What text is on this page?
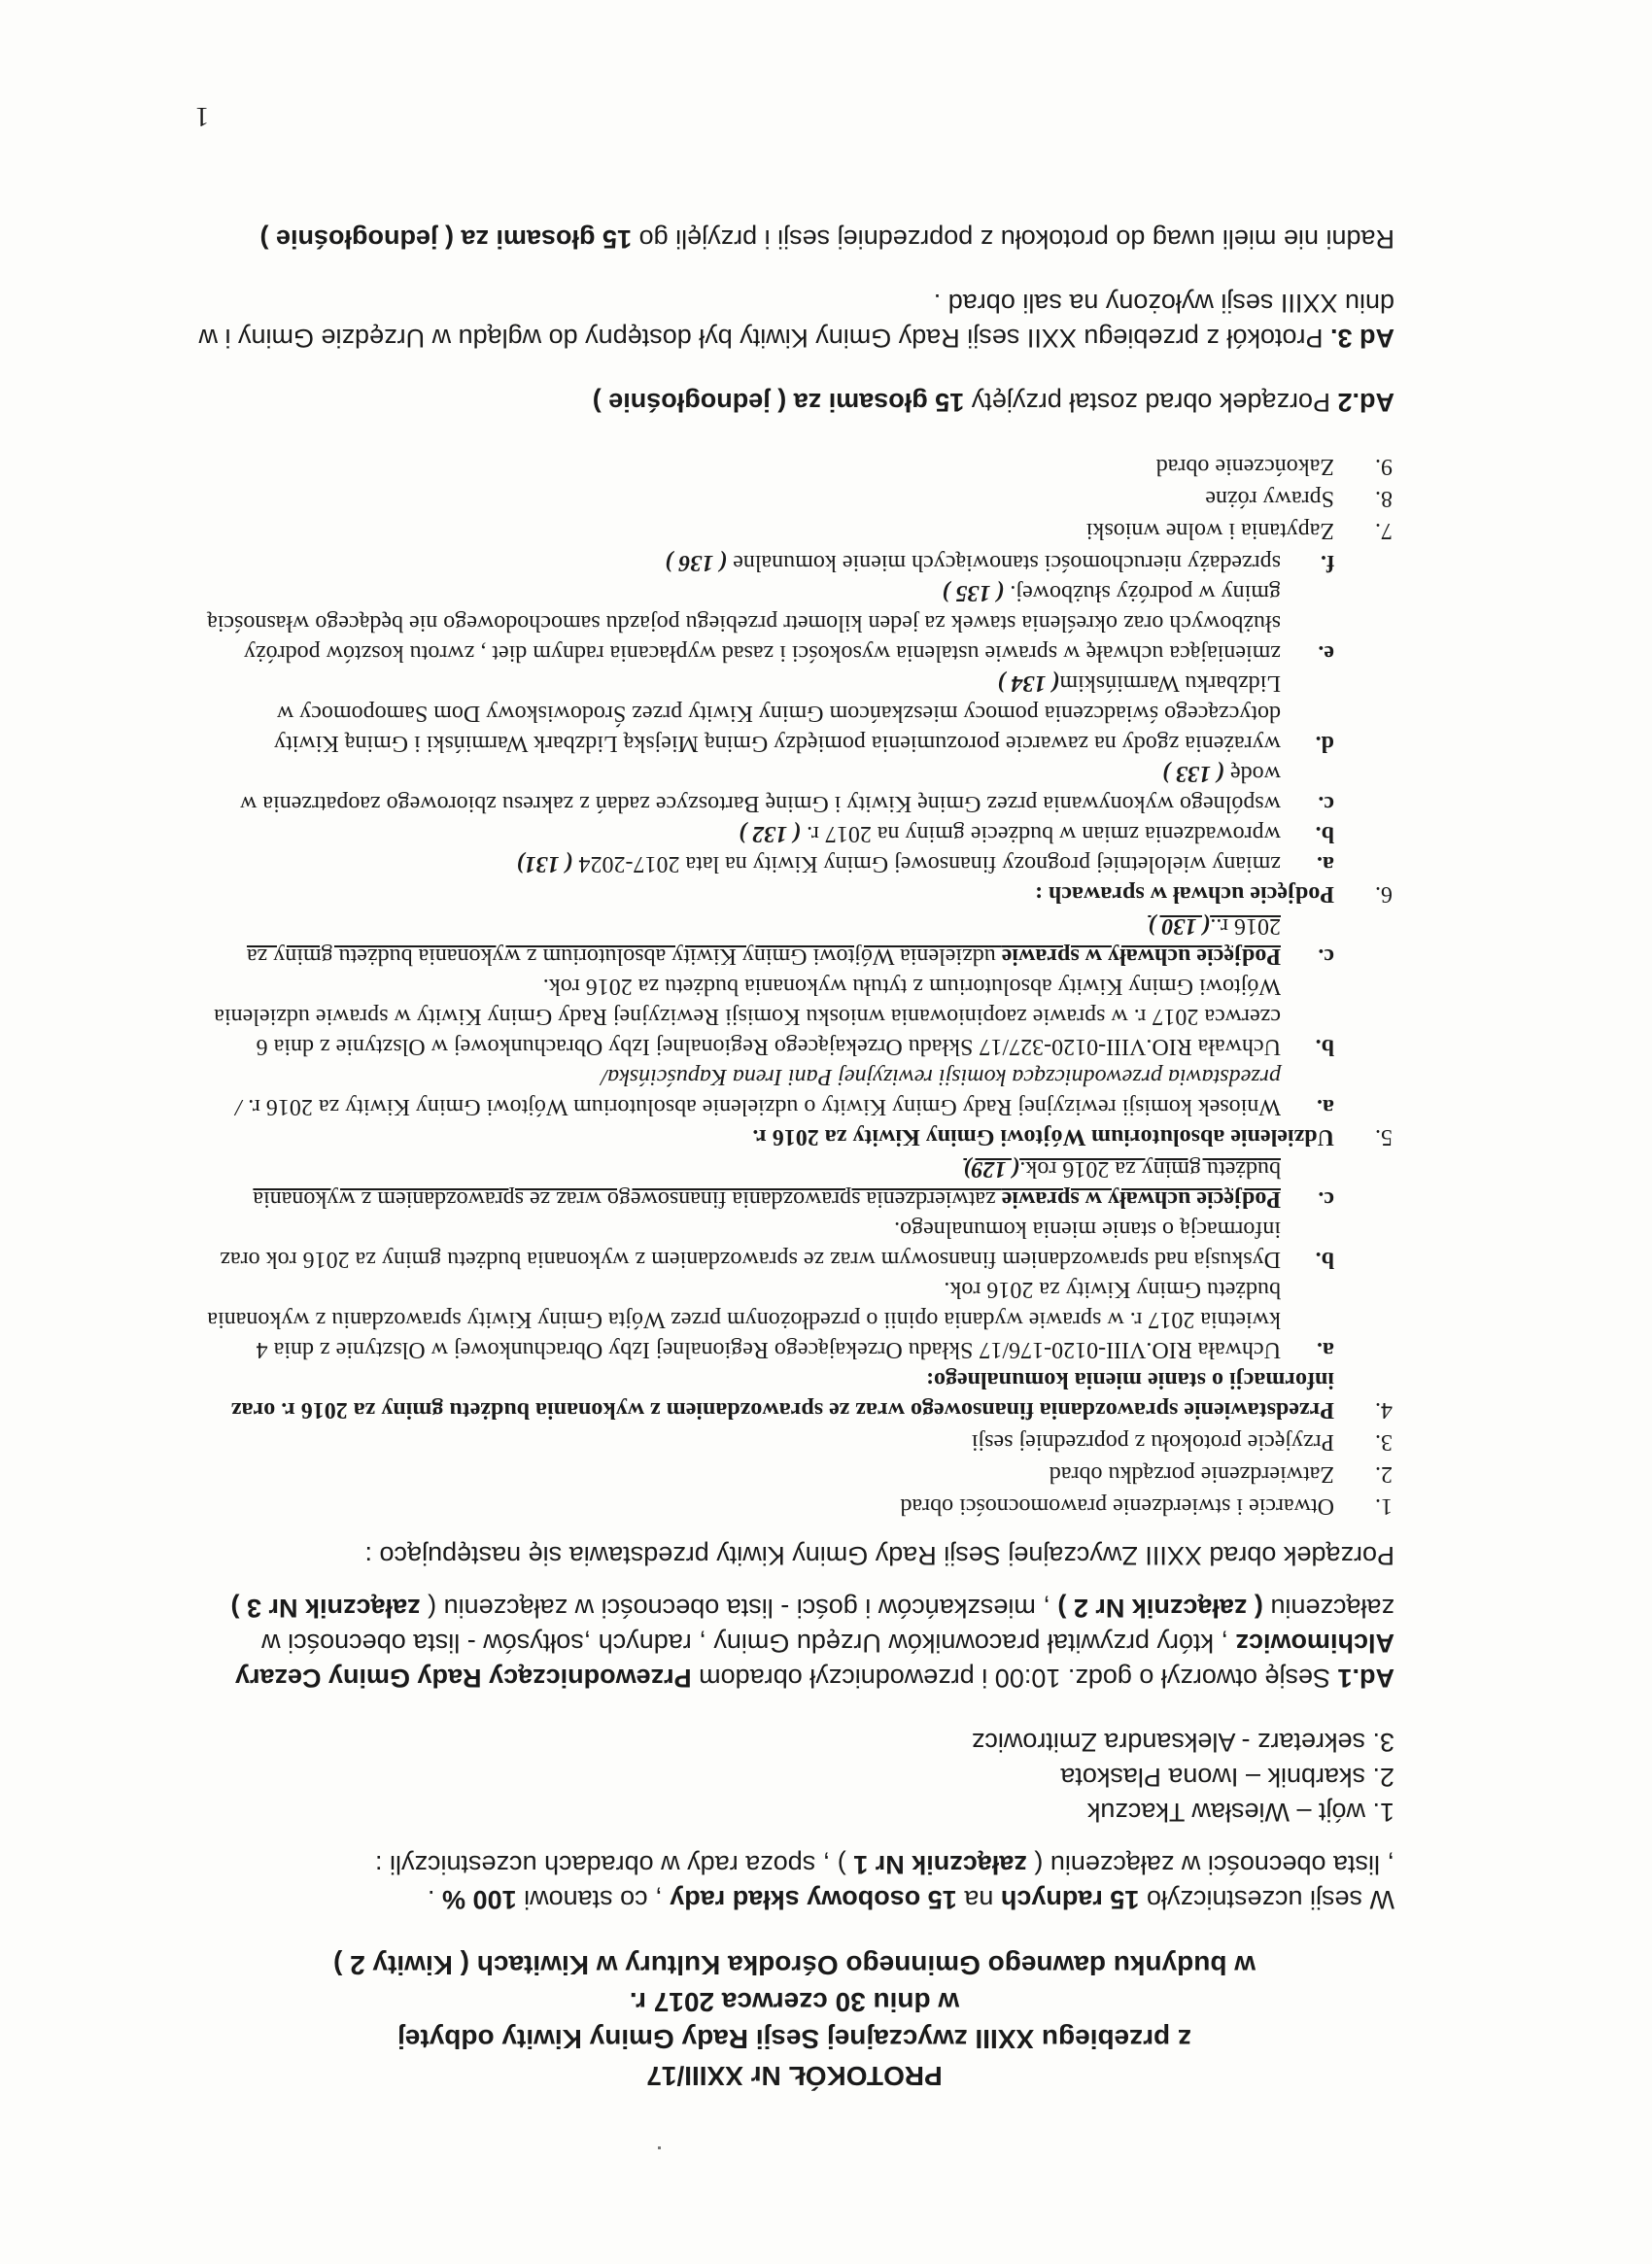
PROTOKÓŁ Nr XXIII/17
z przebiegu XXIII zwyczajnej Sesji Rady Gminy Kiwity odbytej
w dniu 30 czerwca 2017 r.
w budynku dawnego Gminnego Ośrodka Kultury w Kiwitach ( Kiwity 2 )

W sesji uczestniczyło 15 radnych na 15 osobowy skład rady , co stanowi 100 % .
, lista obecności w załączeniu ( załącznik Nr 1 ) , spoza rady w obradach uczestniczyli :

1. wójt – Wiesław Tkaczuk
2. skarbnik – Iwona Plaskota
3. sekretarz - Aleksandra Zmitrowicz

Ad.1 Sesję otworzył o godz. 10:00 i przewodniczył obradom Przewodniczący Rady Gminy Cezary Alchimowicz , który przywitał pracowników Urzędu Gminy , radnych ,sołtysów - lista obecności w załączeniu ( załącznik Nr 2 ) , mieszkańców i gości - lista obecności w załączeniu ( załącznik Nr 3 )

Porządek obrad XXIII Zwyczajnej Sesji Rady Gminy Kiwity przedstawia się następująco :

1.
Otwarcie i stwierdzenie prawomocności obrad
2.
Zatwierdzenie porządku obrad
3.
Przyjęcie protokołu z poprzedniej sesji
4.
Przedstawienie sprawozdania finansowego wraz ze sprawozdaniem z wykonania budżetu gminy za 2016 r. oraz informacji o stanie mienia komunalnego:
a.
Uchwała RIO.VIII-0120-176/17 Składu Orzekającego Regionalnej Izby Obrachunkowej w Olsztynie z dnia 4 kwietnia 2017 r. w sprawie wydania opinii o przedłożonym przez Wójta Gminy Kiwity sprawozdaniu z wykonania budżetu Gminy Kiwity za 2016 rok.
b.
Dyskusja nad sprawozdaniem finansowym wraz ze sprawozdaniem z wykonania budżetu gminy za 2016 rok oraz informacją o stanie mienia komunalnego.
c.
Podjęcie uchwały w sprawie zatwierdzenia sprawozdania finansowego wraz ze sprawozdaniem z wykonania budżetu gminy za 2016 rok.( 129)
5.
Udzielenie absolutorium Wójtowi Gminy Kiwity za 2016 r.
a.
Wniosek komisji rewizyjnej Rady Gminy Kiwity o udzielenie absolutorium Wójtowi Gminy Kiwity za 2016 r. / przedstawia przewodnicząca komisji rewizyjnej Pani Irena Kapuścińska/
b.
Uchwała RIO.VIII-0120-327/17 Składu Orzekającego Regionalnej Izby Obrachunkowej w Olsztynie z dnia 6 czerwca 2017 r. w sprawie zaopiniowania wniosku Komisji Rewizyjnej Rady Gminy Kiwity w sprawie udzielenia Wójtowi Gminy Kiwity absolutorium z tytułu wykonania budżetu za 2016 rok.
c.
Podjęcie uchwały w sprawie udzielenia Wójtowi Gminy Kiwity absolutorium z wykonania budżetu gminy za 2016 r..( 130 )
6.
Podjęcie uchwał w sprawach :
a.
zmiany wieloletniej prognozy finansowej Gminy Kiwity na lata 2017-2024 ( 131)
b.
wprowadzenia zmian w budżecie gminy na 2017 r. ( 132 )
c.
wspólnego wykonywania przez Gminę Kiwity i Gminę Bartoszyce zadań z zakresu zbiorowego zaopatrzenia w wodę ( 133 )
d.
wyrażenia zgody na zawarcie porozumienia pomiędzy Gminą Miejską Lidzbark Warmiński i Gminą Kiwity dotyczącego świadczenia pomocy mieszkańcom Gminy Kiwity przez Środowiskowy Dom Samopomocy w Lidzbarku Warmińskim( 134 )
e.
zmieniająca uchwałę w sprawie ustalenia wysokości i zasad wypłacania radnym diet , zwrotu kosztów podróży służbowych oraz określenia stawek za jeden kilometr przebiegu pojazdu samochodowego nie będącego własnością gminy w podróży służbowej. ( 135 )
f.
sprzedaży nieruchomości stanowiących mienie komunalne ( 136 )
7.
Zapytania i wolne wnioski
8.
Sprawy różne
9.
Zakończenie obrad

Ad.2 Porządek obrad został przyjęty 15 głosami za ( jednogłośnie )

Ad 3. Protokół z przebiegu XXII sesji Rady Gminy Kiwity był dostępny do wglądu w Urzędzie Gminy i w dniu XXIII sesji wyłożony na sali obrad .

Radni nie mieli uwag do protokołu z poprzedniej sesji i przyjęli go 15 głosami za ( jednogłośnie )

1
